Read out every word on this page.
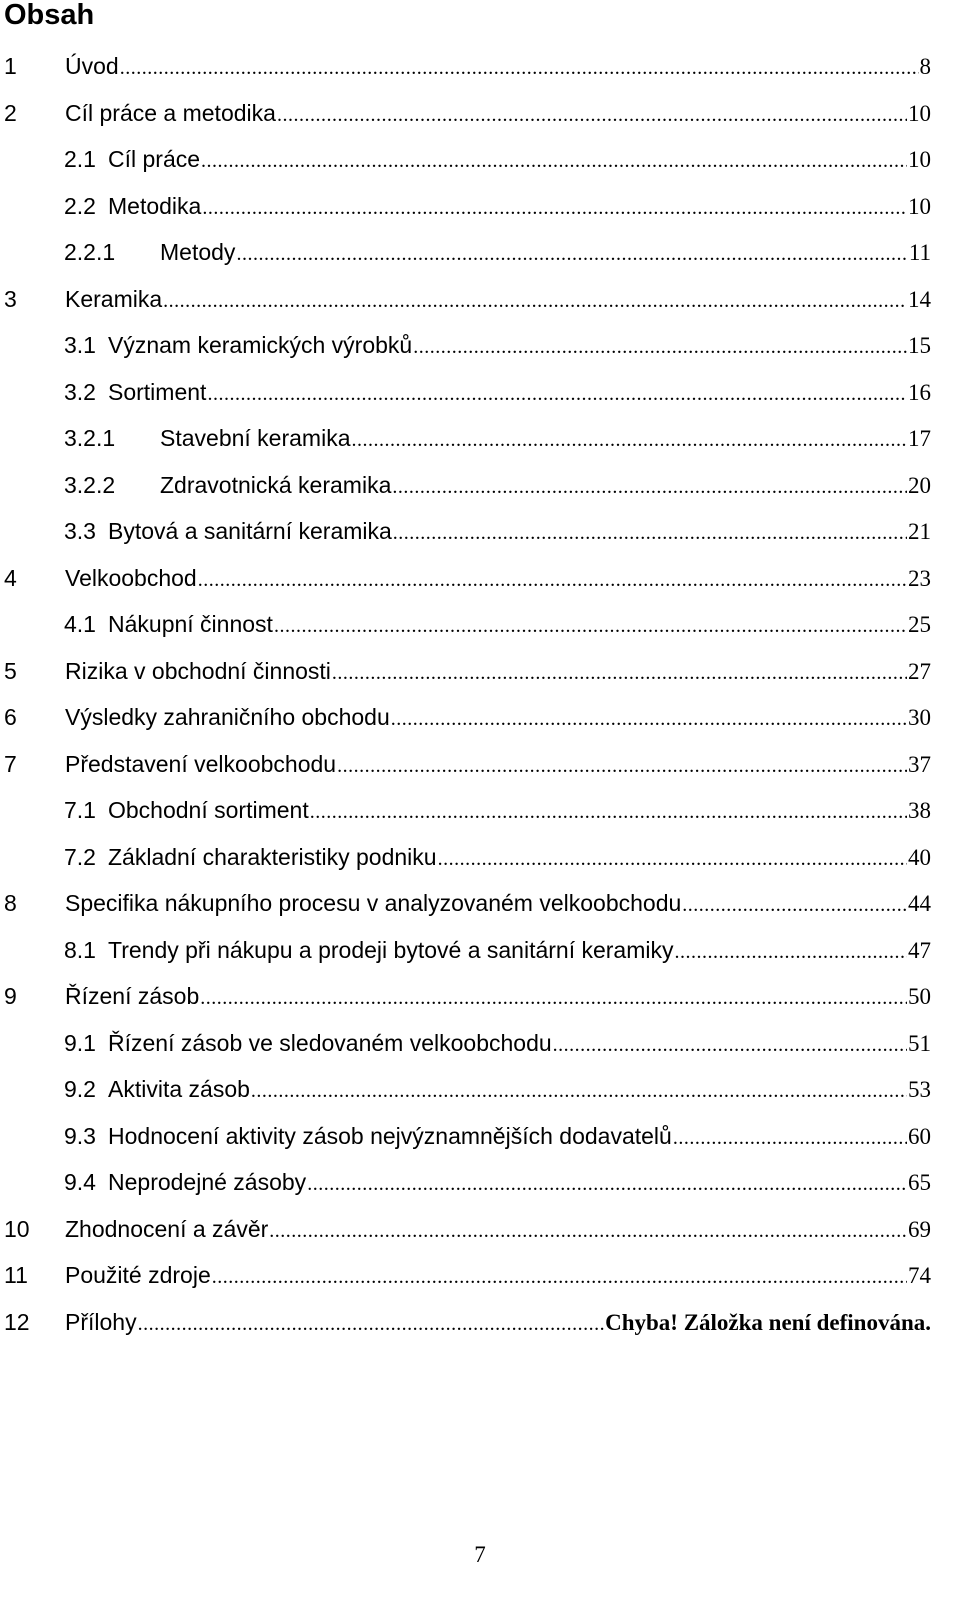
Obsah
1	Úvod .....	8
2	Cíl práce a metodika .....	10
2.1 Cíl práce .....	10
2.2 Metodika .....	10
2.2.1	Metody .....	11
3	Keramika .....	14
3.1 Význam keramických výrobků .....	15
3.2 Sortiment .....	16
3.2.1	Stavební keramika .....	17
3.2.2	Zdravotnická keramika .....	20
3.3 Bytová a sanitární keramika .....	21
4	Velkoobchod .....	23
4.1 Nákupní činnost .....	25
5	Rizika v obchodní činnosti .....	27
6	Výsledky zahraničního obchodu .....	30
7	Představení velkoobchodu .....	37
7.1 Obchodní sortiment .....	38
7.2 Základní charakteristiky podniku .....	40
8	Specifika nákupního procesu v analyzovaném velkoobchodu .....	44
8.1 Trendy při nákupu a prodeji bytové a sanitární keramiky .....	47
9	Řízení zásob .....	50
9.1 Řízení zásob ve sledovaném velkoobchodu .....	51
9.2 Aktivita zásob .....	53
9.3 Hodnocení aktivity zásob nejvýznamnějších dodavatelů .....	60
9.4 Neprodejné zásoby .....	65
10	Zhodnocení a závěr .....	69
11	Použité zdroje .....	74
12	Přílohy .....	Chyba! Záložka není definována.

7
